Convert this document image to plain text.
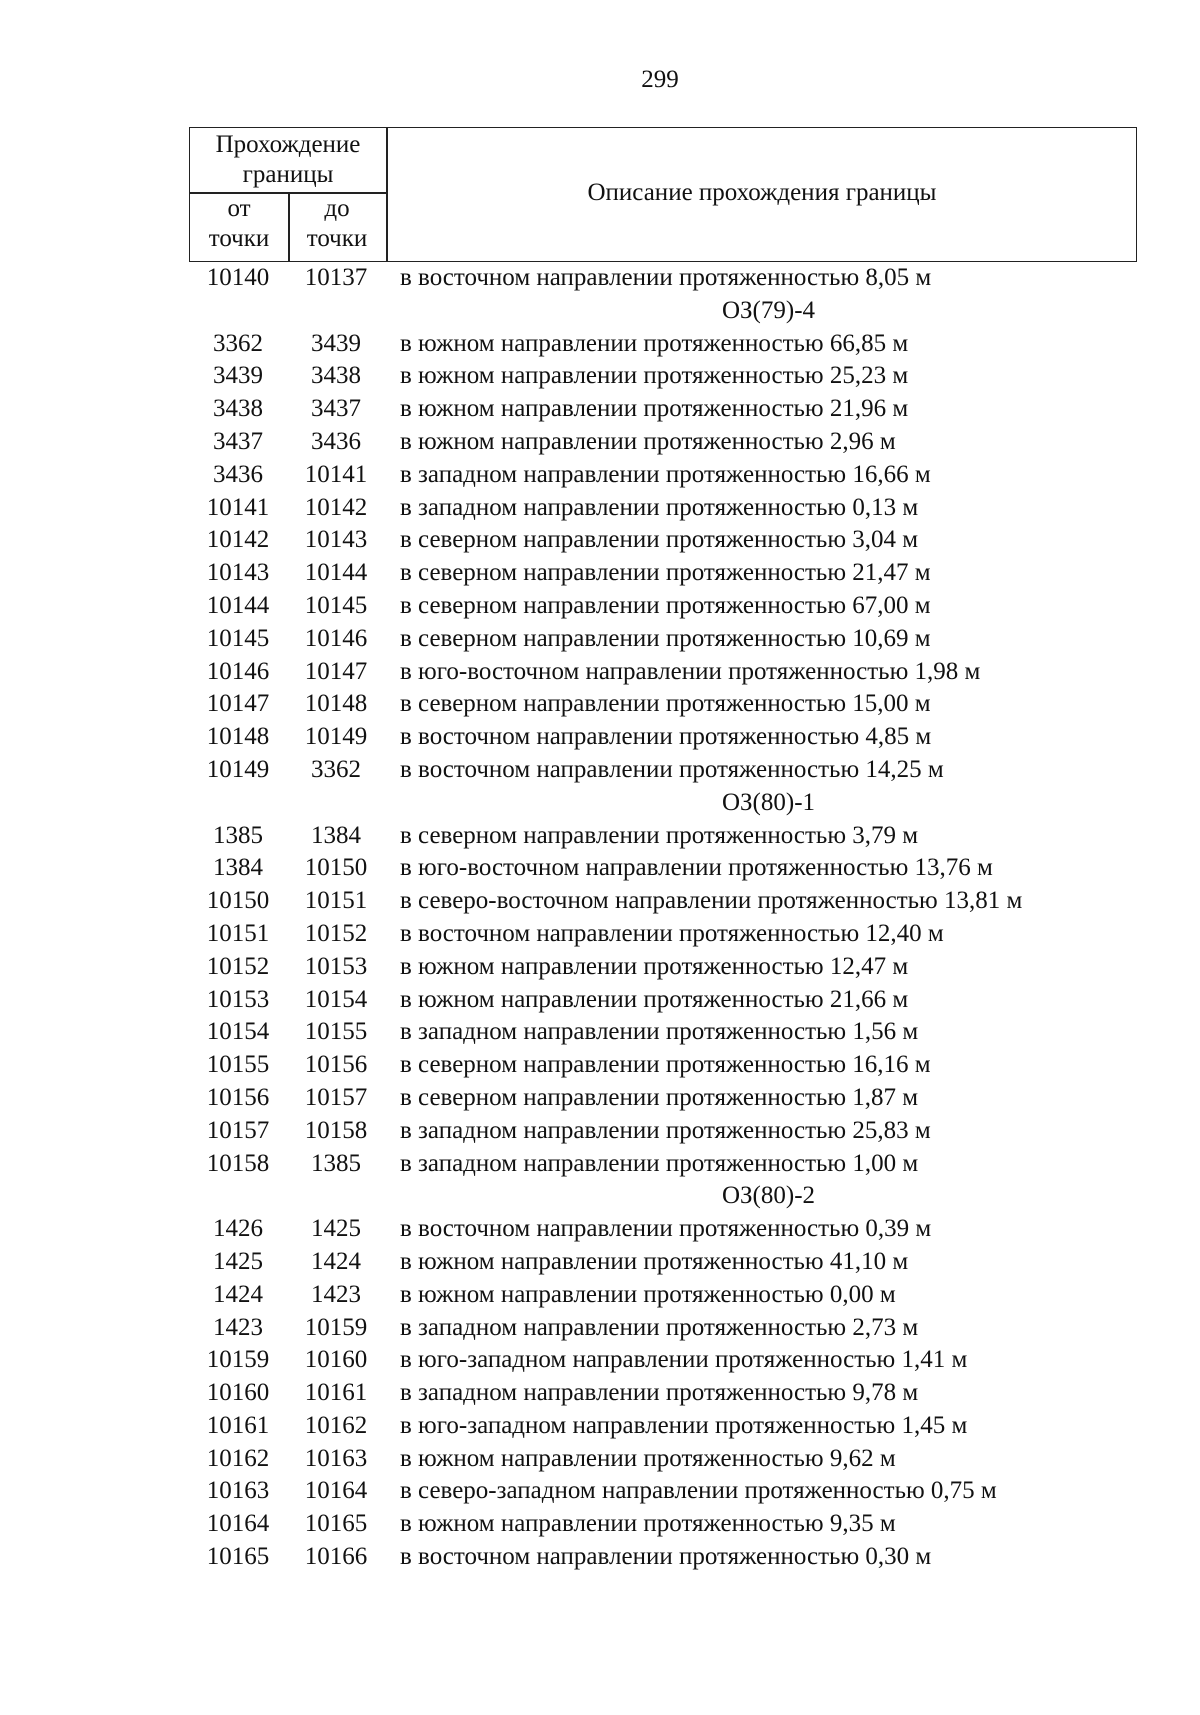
299
Прохождение границы
от точки
до точки
Описание прохождения границы
10140	10137	в восточном направлении протяженностью 8,05 м
ОЗ(79)-4
3362	3439	в южном направлении протяженностью 66,85 м
3439	3438	в южном направлении протяженностью 25,23 м
3438	3437	в южном направлении протяженностью 21,96 м
3437	3436	в южном направлении протяженностью 2,96 м
3436	10141	в западном направлении протяженностью 16,66 м
10141	10142	в западном направлении протяженностью 0,13 м
10142	10143	в северном направлении протяженностью 3,04 м
10143	10144	в северном направлении протяженностью 21,47 м
10144	10145	в северном направлении протяженностью 67,00 м
10145	10146	в северном направлении протяженностью 10,69 м
10146	10147	в юго-восточном направлении протяженностью 1,98 м
10147	10148	в северном направлении протяженностью 15,00 м
10148	10149	в восточном направлении протяженностью 4,85 м
10149	3362	в восточном направлении протяженностью 14,25 м
ОЗ(80)-1
1385	1384	в северном направлении протяженностью 3,79 м
1384	10150	в юго-восточном направлении протяженностью 13,76 м
10150	10151	в северо-восточном направлении протяженностью 13,81 м
10151	10152	в восточном направлении протяженностью 12,40 м
10152	10153	в южном направлении протяженностью 12,47 м
10153	10154	в южном направлении протяженностью 21,66 м
10154	10155	в западном направлении протяженностью 1,56 м
10155	10156	в северном направлении протяженностью 16,16 м
10156	10157	в северном направлении протяженностью 1,87 м
10157	10158	в западном направлении протяженностью 25,83 м
10158	1385	в западном направлении протяженностью 1,00 м
ОЗ(80)-2
1426	1425	в восточном направлении протяженностью 0,39 м
1425	1424	в южном направлении протяженностью 41,10 м
1424	1423	в южном направлении протяженностью 0,00 м
1423	10159	в западном направлении протяженностью 2,73 м
10159	10160	в юго-западном направлении протяженностью 1,41 м
10160	10161	в западном направлении протяженностью 9,78 м
10161	10162	в юго-западном направлении протяженностью 1,45 м
10162	10163	в южном направлении протяженностью 9,62 м
10163	10164	в северо-западном направлении протяженностью 0,75 м
10164	10165	в южном направлении протяженностью 9,35 м
10165	10166	в восточном направлении протяженностью 0,30 м
